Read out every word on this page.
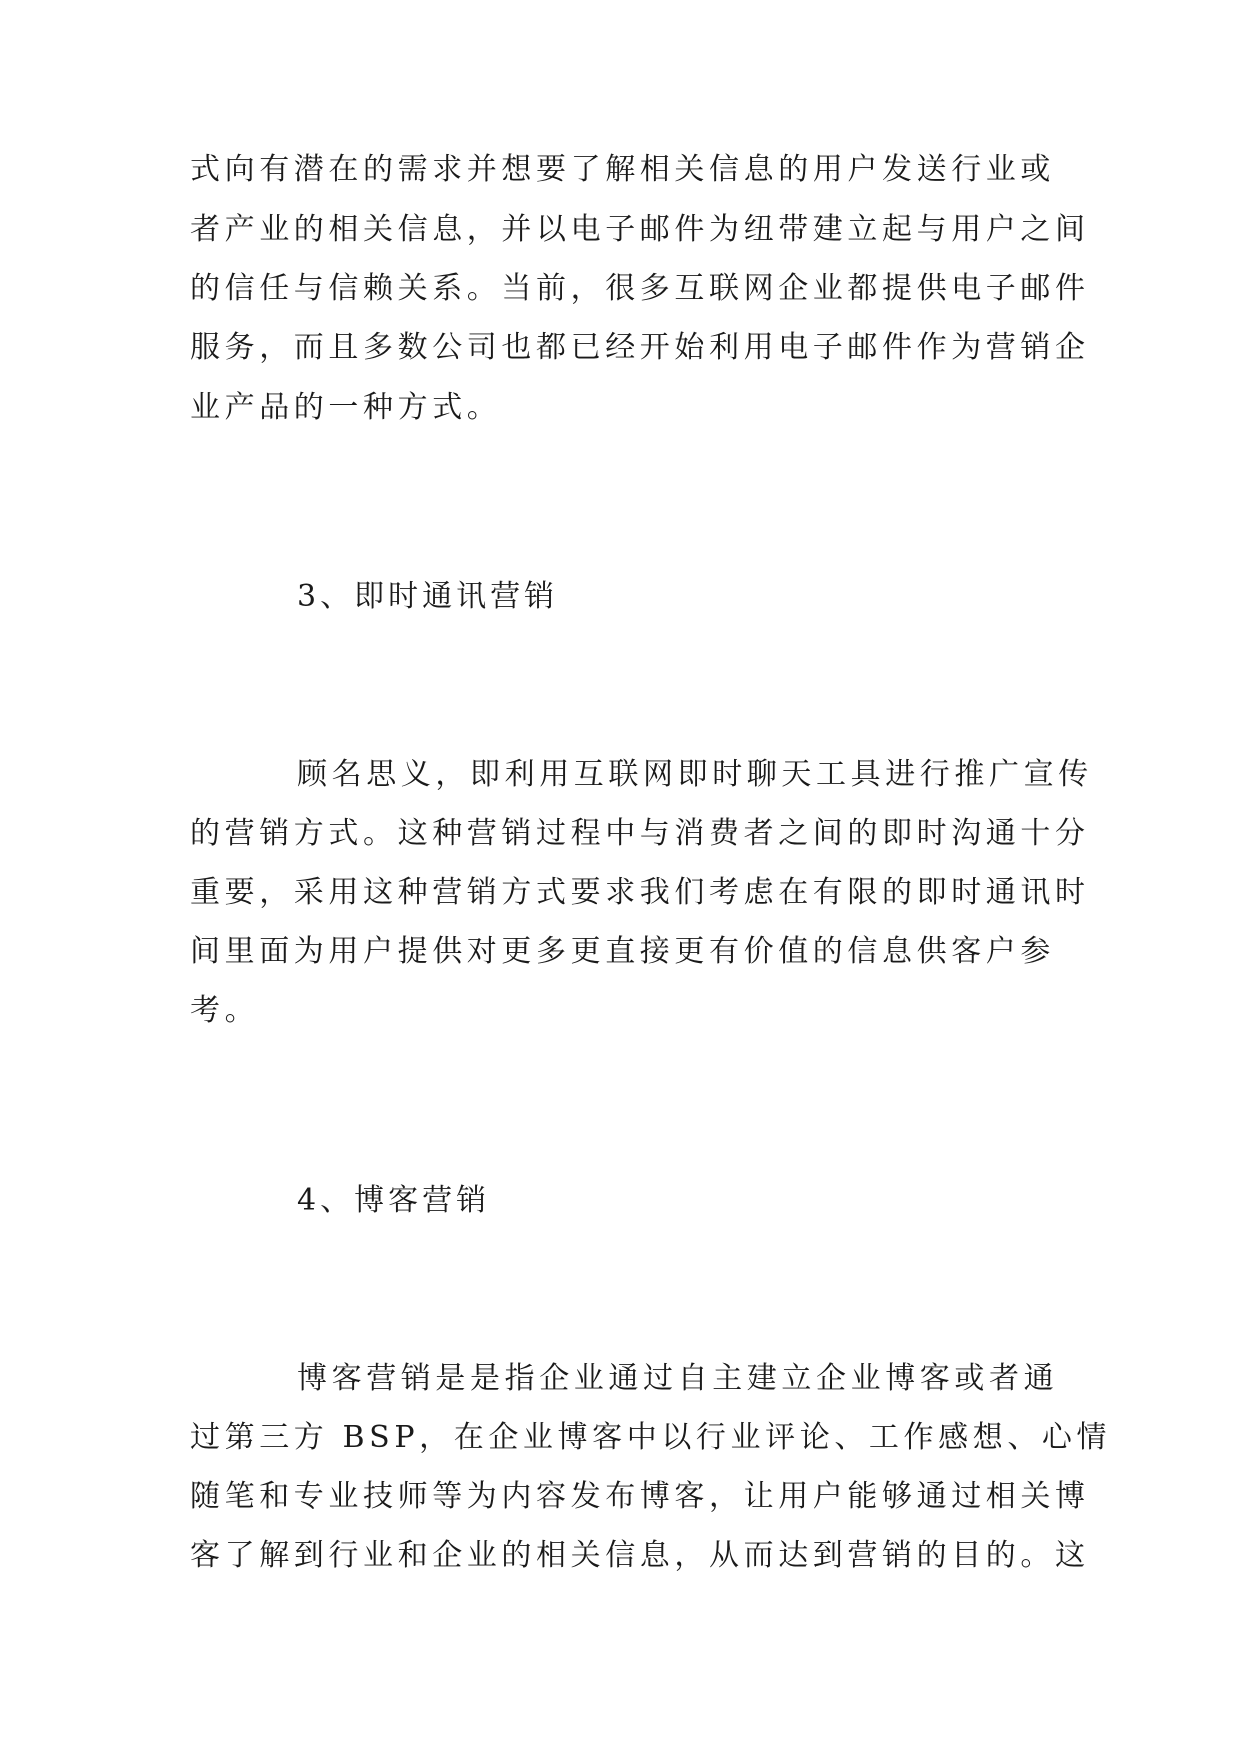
式向有潜在的需求并想要了解相关信息的用户发送行业或
者产业的相关信息，并以电子邮件为纽带建立起与用户之间
的信任与信赖关系。当前，很多互联网企业都提供电子邮件
服务，而且多数公司也都已经开始利用电子邮件作为营销企
业产品的一种方式。
3、即时通讯营销
顾名思义，即利用互联网即时聊天工具进行推广宣传
的营销方式。这种营销过程中与消费者之间的即时沟通十分
重要，采用这种营销方式要求我们考虑在有限的即时通讯时
间里面为用户提供对更多更直接更有价值的信息供客户参
考。
4、博客营销
博客营销是是指企业通过自主建立企业博客或者通
过第三方 BSP，在企业博客中以行业评论、工作感想、心情
随笔和专业技师等为内容发布博客，让用户能够通过相关博
客了解到行业和企业的相关信息，从而达到营销的目的。这
